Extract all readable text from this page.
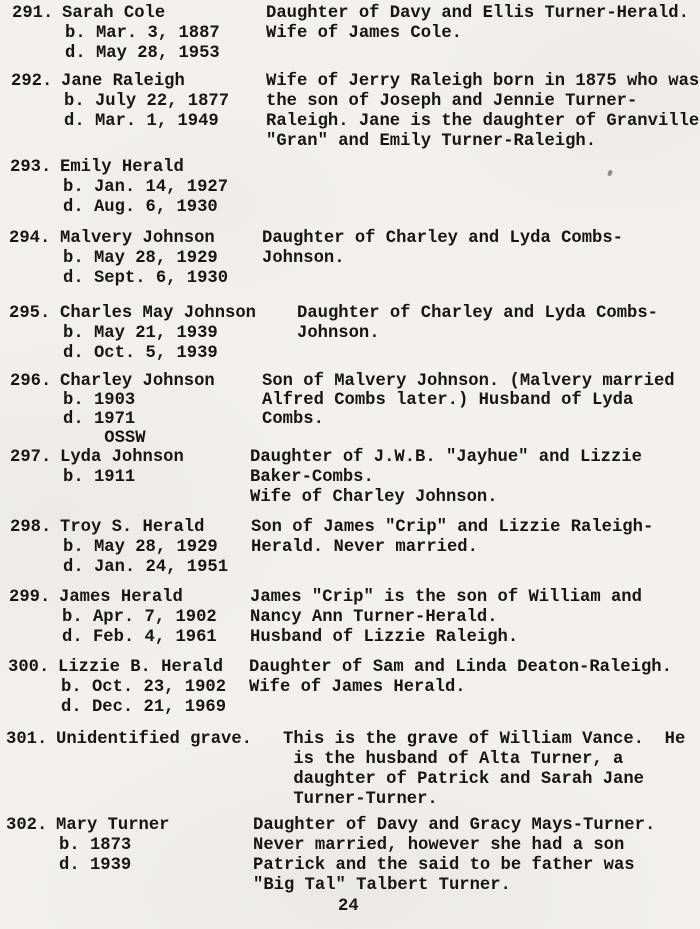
291.

Sarah Cole
b. Mar. 3, 1887
d. May 28, 1953

Daughter of Davy and Ellis Turner-Herald.
Wife of James Cole.

292.

Jane Raleigh
b. July 22, 1877
d. Mar. 1, 1949

Wife of Jerry Raleigh born in 1875 who was
the son of Joseph and Jennie Turner-
Raleigh. Jane is the daughter of Granville
"Gran" and Emily Turner-Raleigh.

293.

Emily Herald
b. Jan. 14, 1927
d. Aug. 6, 1930

294.

Malvery Johnson
b. May 28, 1929
d. Sept. 6, 1930

Daughter of Charley and Lyda Combs-
Johnson.

295.

Charles May Johnson
b. May 21, 1939
d. Oct. 5, 1939

Daughter of Charley and Lyda Combs-
Johnson.

296.

Charley Johnson
b. 1903
d. 1971
OSSW

Son of Malvery Johnson. (Malvery married
Alfred Combs later.) Husband of Lyda
Combs.

297.

Lyda Johnson
b. 1911

Daughter of J.W.B. "Jayhue" and Lizzie
Baker-Combs.
Wife of Charley Johnson.

298.

Troy S. Herald
b. May 28, 1929
d. Jan. 24, 1951

Son of James "Crip" and Lizzie Raleigh-
Herald. Never married.

299.

James Herald
b. Apr. 7, 1902
d. Feb. 4, 1961

James "Crip" is the son of William and
Nancy Ann Turner-Herald.
Husband of Lizzie Raleigh.

300.

Lizzie B. Herald
b. Oct. 23, 1902
d. Dec. 21, 1969

Daughter of Sam and Linda Deaton-Raleigh.
Wife of James Herald.

301.

Unidentified grave.

This is the grave of William Vance.  He
is the husband of Alta Turner, a
daughter of Patrick and Sarah Jane
Turner-Turner.

302.

Mary Turner
b. 1873
d. 1939

Daughter of Davy and Gracy Mays-Turner.
Never married, however she had a son
Patrick and the said to be father was
"Big Tal" Talbert Turner.

24
